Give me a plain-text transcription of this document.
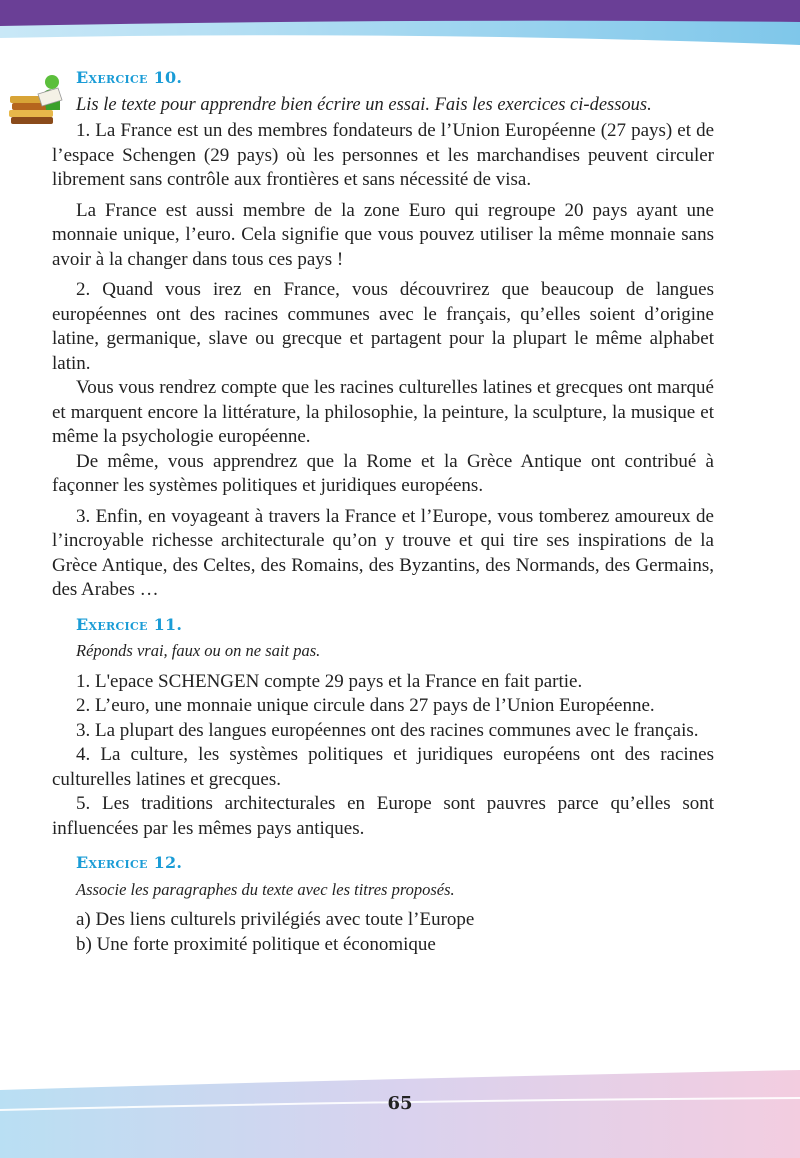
Exercice 10.
Lis le texte pour apprendre bien écrire un essai. Fais les exercices ci-dessous.

1. La France est un des membres fondateurs de l’Union Européenne (27 pays) et de l’espace Schengen (29 pays) où les personnes et les marchandises peuvent circuler librement sans contrôle aux frontières et sans nécessité de visa.

La France est aussi membre de la zone Euro qui regroupe 20 pays ayant une monnaie unique, l’euro. Cela signifie que vous pouvez utiliser la même monnaie sans avoir à la changer dans tous ces pays !

2. Quand vous irez en France, vous découvrirez que beaucoup de langues européennes ont des racines communes avec le français, qu’elles soient d’origine latine, germanique, slave ou grecque et partagent pour la plupart le même alphabet latin.

Vous vous rendrez compte que les racines culturelles latines et grecques ont marqué et marquent encore la littérature, la philosophie, la peinture, la sculpture, la musique et même la psychologie européenne.

De même, vous apprendrez que la Rome et la Grèce Antique ont contribué à façonner les systèmes politiques et juridiques européens.

3. Enfin, en voyageant à travers la France et l’Europe, vous tomberez amoureux de l’incroyable richesse architecturale qu’on y trouve et qui tire ses inspirations de la Grèce Antique, des Celtes, des Romains, des Byzantins, des Normands, des Germains, des Arabes …

Exercice 11.
Réponds vrai, faux ou on ne sait pas.

1. L'epace SCHENGEN compte 29 pays et la France en fait partie.

2. L’euro, une monnaie unique circule dans 27 pays de l’Union Européenne.

3. La plupart des langues européennes ont des racines communes avec le français.

4. La culture, les systèmes politiques et juridiques européens ont des racines culturelles latines et grecques.

5. Les traditions architecturales en Europe sont pauvres parce qu’elles sont influencées par les mêmes pays antiques.

Exercice 12.
Associe les paragraphes du texte avec les titres proposés.

a) Des liens culturels privilégiés avec toute l’Europe

b) Une forte proximité politique et économique

65
